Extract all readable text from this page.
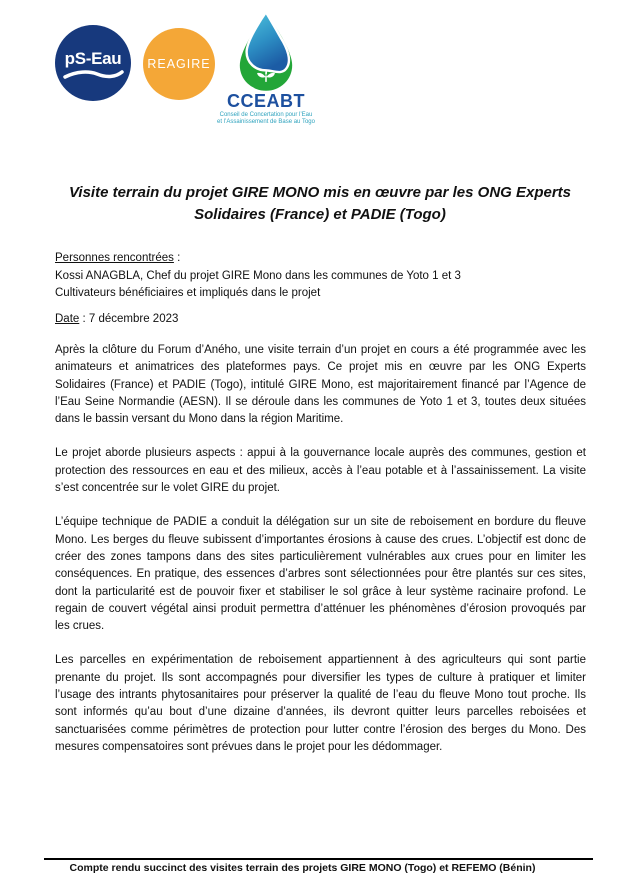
pS-Eau	REAGIRE
CCEABT
Conseil de Concertation pour l’Eau
et l’Assainissement de Base au Togo
Visite terrain du projet GIRE MONO mis en œuvre par les ONG Experts
Solidaires (France) et PADIE (Togo)

Personnes rencontrées :

Kossi ANAGBLA, Chef du projet GIRE Mono dans les communes de Yoto 1 et 3

Cultivateurs bénéficiaires et impliqués dans le projet

Date : 7 décembre 2023

Après la clôture du Forum d’Aného, une visite terrain d’un projet en cours a été programmée avec les animateurs et animatrices des plateformes pays. Ce projet mis en œuvre par les ONG Experts Solidaires (France) et PADIE (Togo), intitulé GIRE Mono, est majoritairement financé par l’Agence de l’Eau Seine Normandie (AESN). Il se déroule dans les communes de Yoto 1 et 3, toutes deux situées dans le bassin versant du Mono dans la région Maritime.

Le projet aborde plusieurs aspects : appui à la gouvernance locale auprès des communes, gestion et protection des ressources en eau et des milieux, accès à l’eau potable et à l’assainissement. La visite s’est concentrée sur le volet GIRE du projet.

L’équipe technique de PADIE a conduit la délégation sur un site de reboisement en bordure du fleuve Mono. Les berges du fleuve subissent d’importantes érosions à cause des crues. L’objectif est donc de créer des zones tampons dans des sites particulièrement vulnérables aux crues pour en limiter les conséquences. En pratique, des essences d’arbres sont sélectionnées pour être plantés sur ces sites, dont la particularité est de pouvoir fixer et stabiliser le sol grâce à leur système racinaire profond. Le regain de couvert végétal ainsi produit permettra d’atténuer les phénomènes d’érosion provoqués par les crues.

Les parcelles en expérimentation de reboisement appartiennent à des agriculteurs qui sont partie prenante du projet. Ils sont accompagnés pour diversifier les types de culture à pratiquer et limiter l’usage des intrants phytosanitaires pour préserver la qualité de l’eau du fleuve Mono tout proche. Ils sont informés qu’au bout d’une dizaine d’années, ils devront quitter leurs parcelles reboisées et sanctuarisées comme périmètres de protection pour lutter contre l’érosion des berges du Mono. Des mesures compensatoires sont prévues dans le projet pour les dédommager.

Compte rendu succinct des visites terrain des projets GIRE MONO (Togo) et REFEMO (Bénin)
